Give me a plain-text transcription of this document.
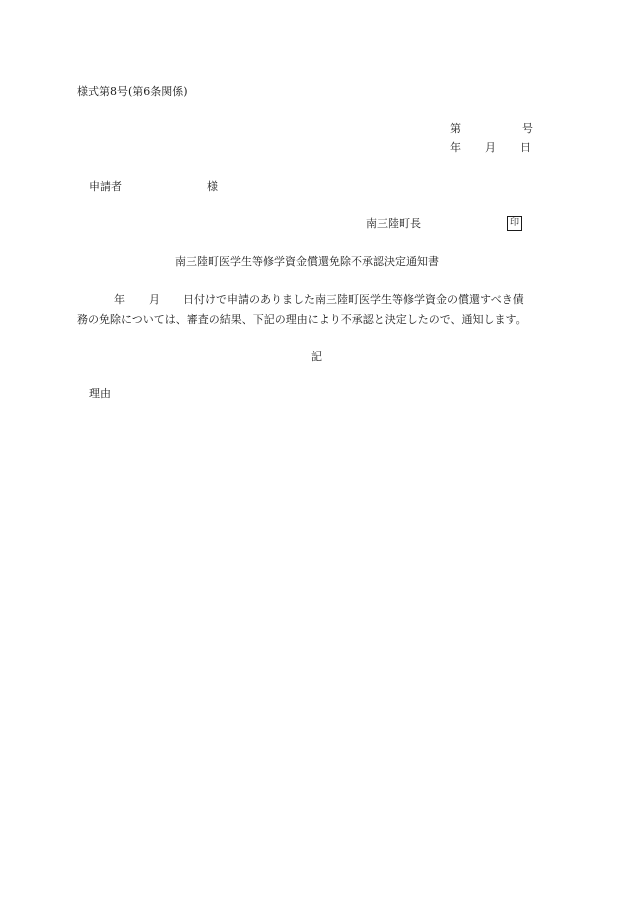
様式第8号(第6条関係)
第	号
年 月 日
申請者	様
南三陸町長	印
南三陸町医学生等修学資金償還免除不承認決定通知書
年 月 日付けで申請のありました南三陸町医学生等修学資金の償還すべき債
務の免除については、審査の結果、下記の理由により不承認と決定したので、通知します。
記
理由
